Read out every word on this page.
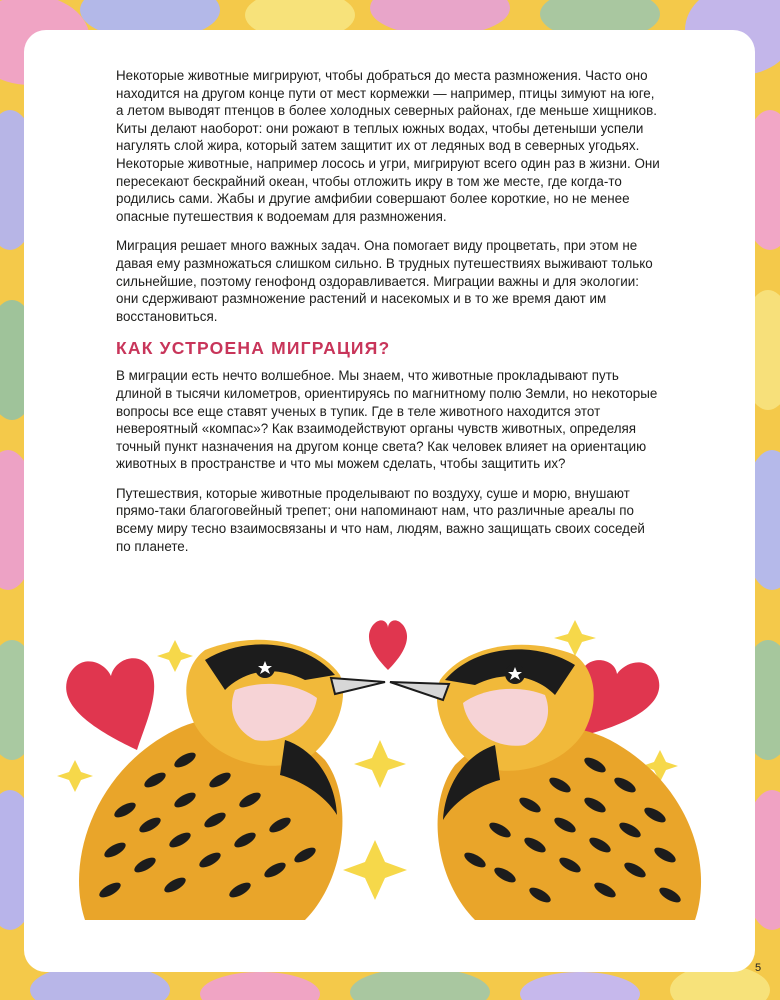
Некоторые животные мигрируют, чтобы добраться до места размножения. Часто оно находится на другом конце пути от мест кормежки — например, птицы зимуют на юге, а летом выводят птенцов в более холодных северных районах, где меньше хищников. Киты делают наоборот: они рожают в теплых южных водах, чтобы детеныши успели нагулять слой жира, который затем защитит их от ледяных вод в северных угодьях. Некоторые животные, например лосось и угри, мигрируют всего один раз в жизни. Они пересекают бескрайний океан, чтобы отложить икру в том же месте, где когда-то родились сами. Жабы и другие амфибии совершают более короткие, но не менее опасные путешествия к водоемам для размножения.

Миграция решает много важных задач. Она помогает виду процветать, при этом не давая ему размножаться слишком сильно. В трудных путешествиях выживают только сильнейшие, поэтому генофонд оздоравливается. Миграции важны и для экологии: они сдерживают размножение растений и насекомых и в то же время дают им восстановиться.

КАК УСТРОЕНА МИГРАЦИЯ?

В миграции есть нечто волшебное. Мы знаем, что животные прокладывают путь длиной в тысячи километров, ориентируясь по магнитному полю Земли, но некоторые вопросы все еще ставят ученых в тупик. Где в теле животного находится этот невероятный «компас»? Как взаимодействуют органы чувств животных, определяя точный пункт назначения на другом конце света? Как человек влияет на ориентацию животных в пространстве и что мы можем сделать, чтобы защитить их?

Путешествия, которые животные проделывают по воздуху, суше и морю, внушают прямо-таки благоговейный трепет; они напоминают нам, что различные ареалы по всему миру тесно взаимосвязаны и что нам, людям, важно защищать своих соседей по планете.

5
